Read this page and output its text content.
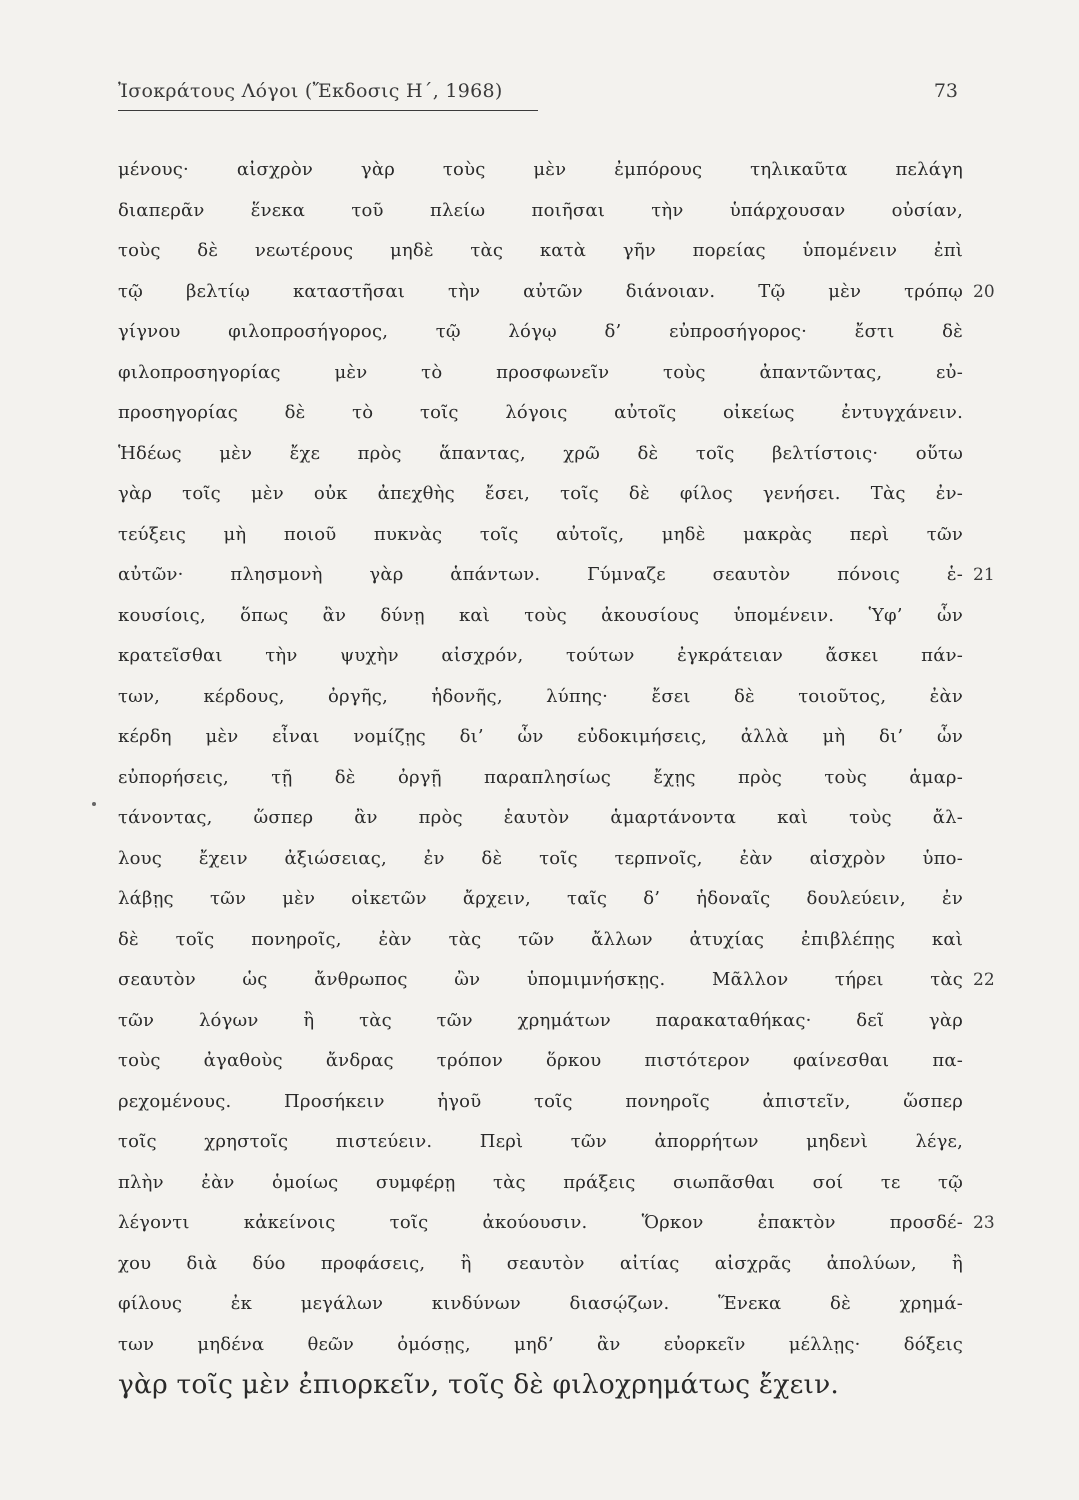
Ἰσοκράτους Λόγοι (Ἔκδοσις Η΄, 1968)	73
μένους· αἰσχρὸν γὰρ τοὺς μὲν ἐμπόρους τηλικαῦτα πελάγη
διαπερᾶν ἕνεκα τοῦ πλείω ποιῆσαι τὴν ὑπάρχουσαν οὐσίαν,
τοὺς δὲ νεωτέρους μηδὲ τὰς κατὰ γῆν πορείας ὑπομένειν ἐπὶ
τῷ βελτίῳ καταστῆσαι τὴν αὐτῶν διάνοιαν. Τῷ μὲν τρόπῳ 20
γίγνου φιλοπροσήγορος, τῷ λόγῳ δ’ εὐπροσήγορος· ἔστι δὲ
φιλοπροσηγορίας μὲν τὸ προσφωνεῖν τοὺς ἀπαντῶντας, εὐ-
προσηγορίας δὲ τὸ τοῖς λόγοις αὐτοῖς οἰκείως ἐντυγχάνειν.
Ἡδέως μὲν ἔχε πρὸς ἅπαντας, χρῶ δὲ τοῖς βελτίστοις· οὕτω
γὰρ τοῖς μὲν οὐκ ἀπεχθὴς ἔσει, τοῖς δὲ φίλος γενήσει. Τὰς ἐν-
τεύξεις μὴ ποιοῦ πυκνὰς τοῖς αὐτοῖς, μηδὲ μακρὰς περὶ τῶν
αὐτῶν· πλησμονὴ γὰρ ἁπάντων. Γύμναζε σεαυτὸν πόνοις ἑ- 21
κουσίοις, ὅπως ἂν δύνῃ καὶ τοὺς ἀκουσίους ὑπομένειν. Ὑφ’ ὧν
κρατεῖσθαι τὴν ψυχὴν αἰσχρόν, τούτων ἐγκράτειαν ἄσκει πάν-
των, κέρδους, ὀργῆς, ἡδονῆς, λύπης· ἔσει δὲ τοιοῦτος, ἐὰν
κέρδη μὲν εἶναι νομίζῃς δι’ ὧν εὐδοκιμήσεις, ἀλλὰ μὴ δι’ ὧν
εὐπορήσεις, τῇ δὲ ὀργῇ παραπλησίως ἔχῃς πρὸς τοὺς ἁμαρ-
τάνοντας, ὥσπερ ἂν πρὸς ἑαυτὸν ἁμαρτάνοντα καὶ τοὺς ἄλ-
λους ἔχειν ἀξιώσειας, ἐν δὲ τοῖς τερπνοῖς, ἐὰν αἰσχρὸν ὑπο-
λάβῃς τῶν μὲν οἰκετῶν ἄρχειν, ταῖς δ’ ἡδοναῖς δουλεύειν, ἐν
δὲ τοῖς πονηροῖς, ἐὰν τὰς τῶν ἄλλων ἀτυχίας ἐπιβλέπῃς καὶ
σεαυτὸν ὡς ἄνθρωπος ὢν ὑπομιμνήσκῃς. Μᾶλλον τήρει τὰς 22
τῶν λόγων ἢ τὰς τῶν χρημάτων παρακαταθήκας· δεῖ γὰρ
τοὺς ἀγαθοὺς ἄνδρας τρόπον ὅρκου πιστότερον φαίνεσθαι πα-
ρεχομένους. Προσήκειν ἡγοῦ τοῖς πονηροῖς ἀπιστεῖν, ὥσπερ
τοῖς χρηστοῖς πιστεύειν. Περὶ τῶν ἀπορρήτων μηδενὶ λέγε,
πλὴν ἐὰν ὁμοίως συμφέρῃ τὰς πράξεις σιωπᾶσθαι σοί τε τῷ
λέγοντι κἀκείνοις τοῖς ἀκούουσιν. Ὅρκον ἐπακτὸν προσδέ- 23
χου διὰ δύο προφάσεις, ἢ σεαυτὸν αἰτίας αἰσχρᾶς ἀπολύων, ἢ
φίλους ἐκ μεγάλων κινδύνων διασῴζων. Ἕνεκα δὲ χρημά-
των μηδένα θεῶν ὀμόσῃς, μηδ’ ἂν εὐορκεῖν μέλλῃς· δόξεις
γὰρ τοῖς μὲν ἐπιορκεῖν, τοῖς δὲ φιλοχρημάτως ἔχειν.
